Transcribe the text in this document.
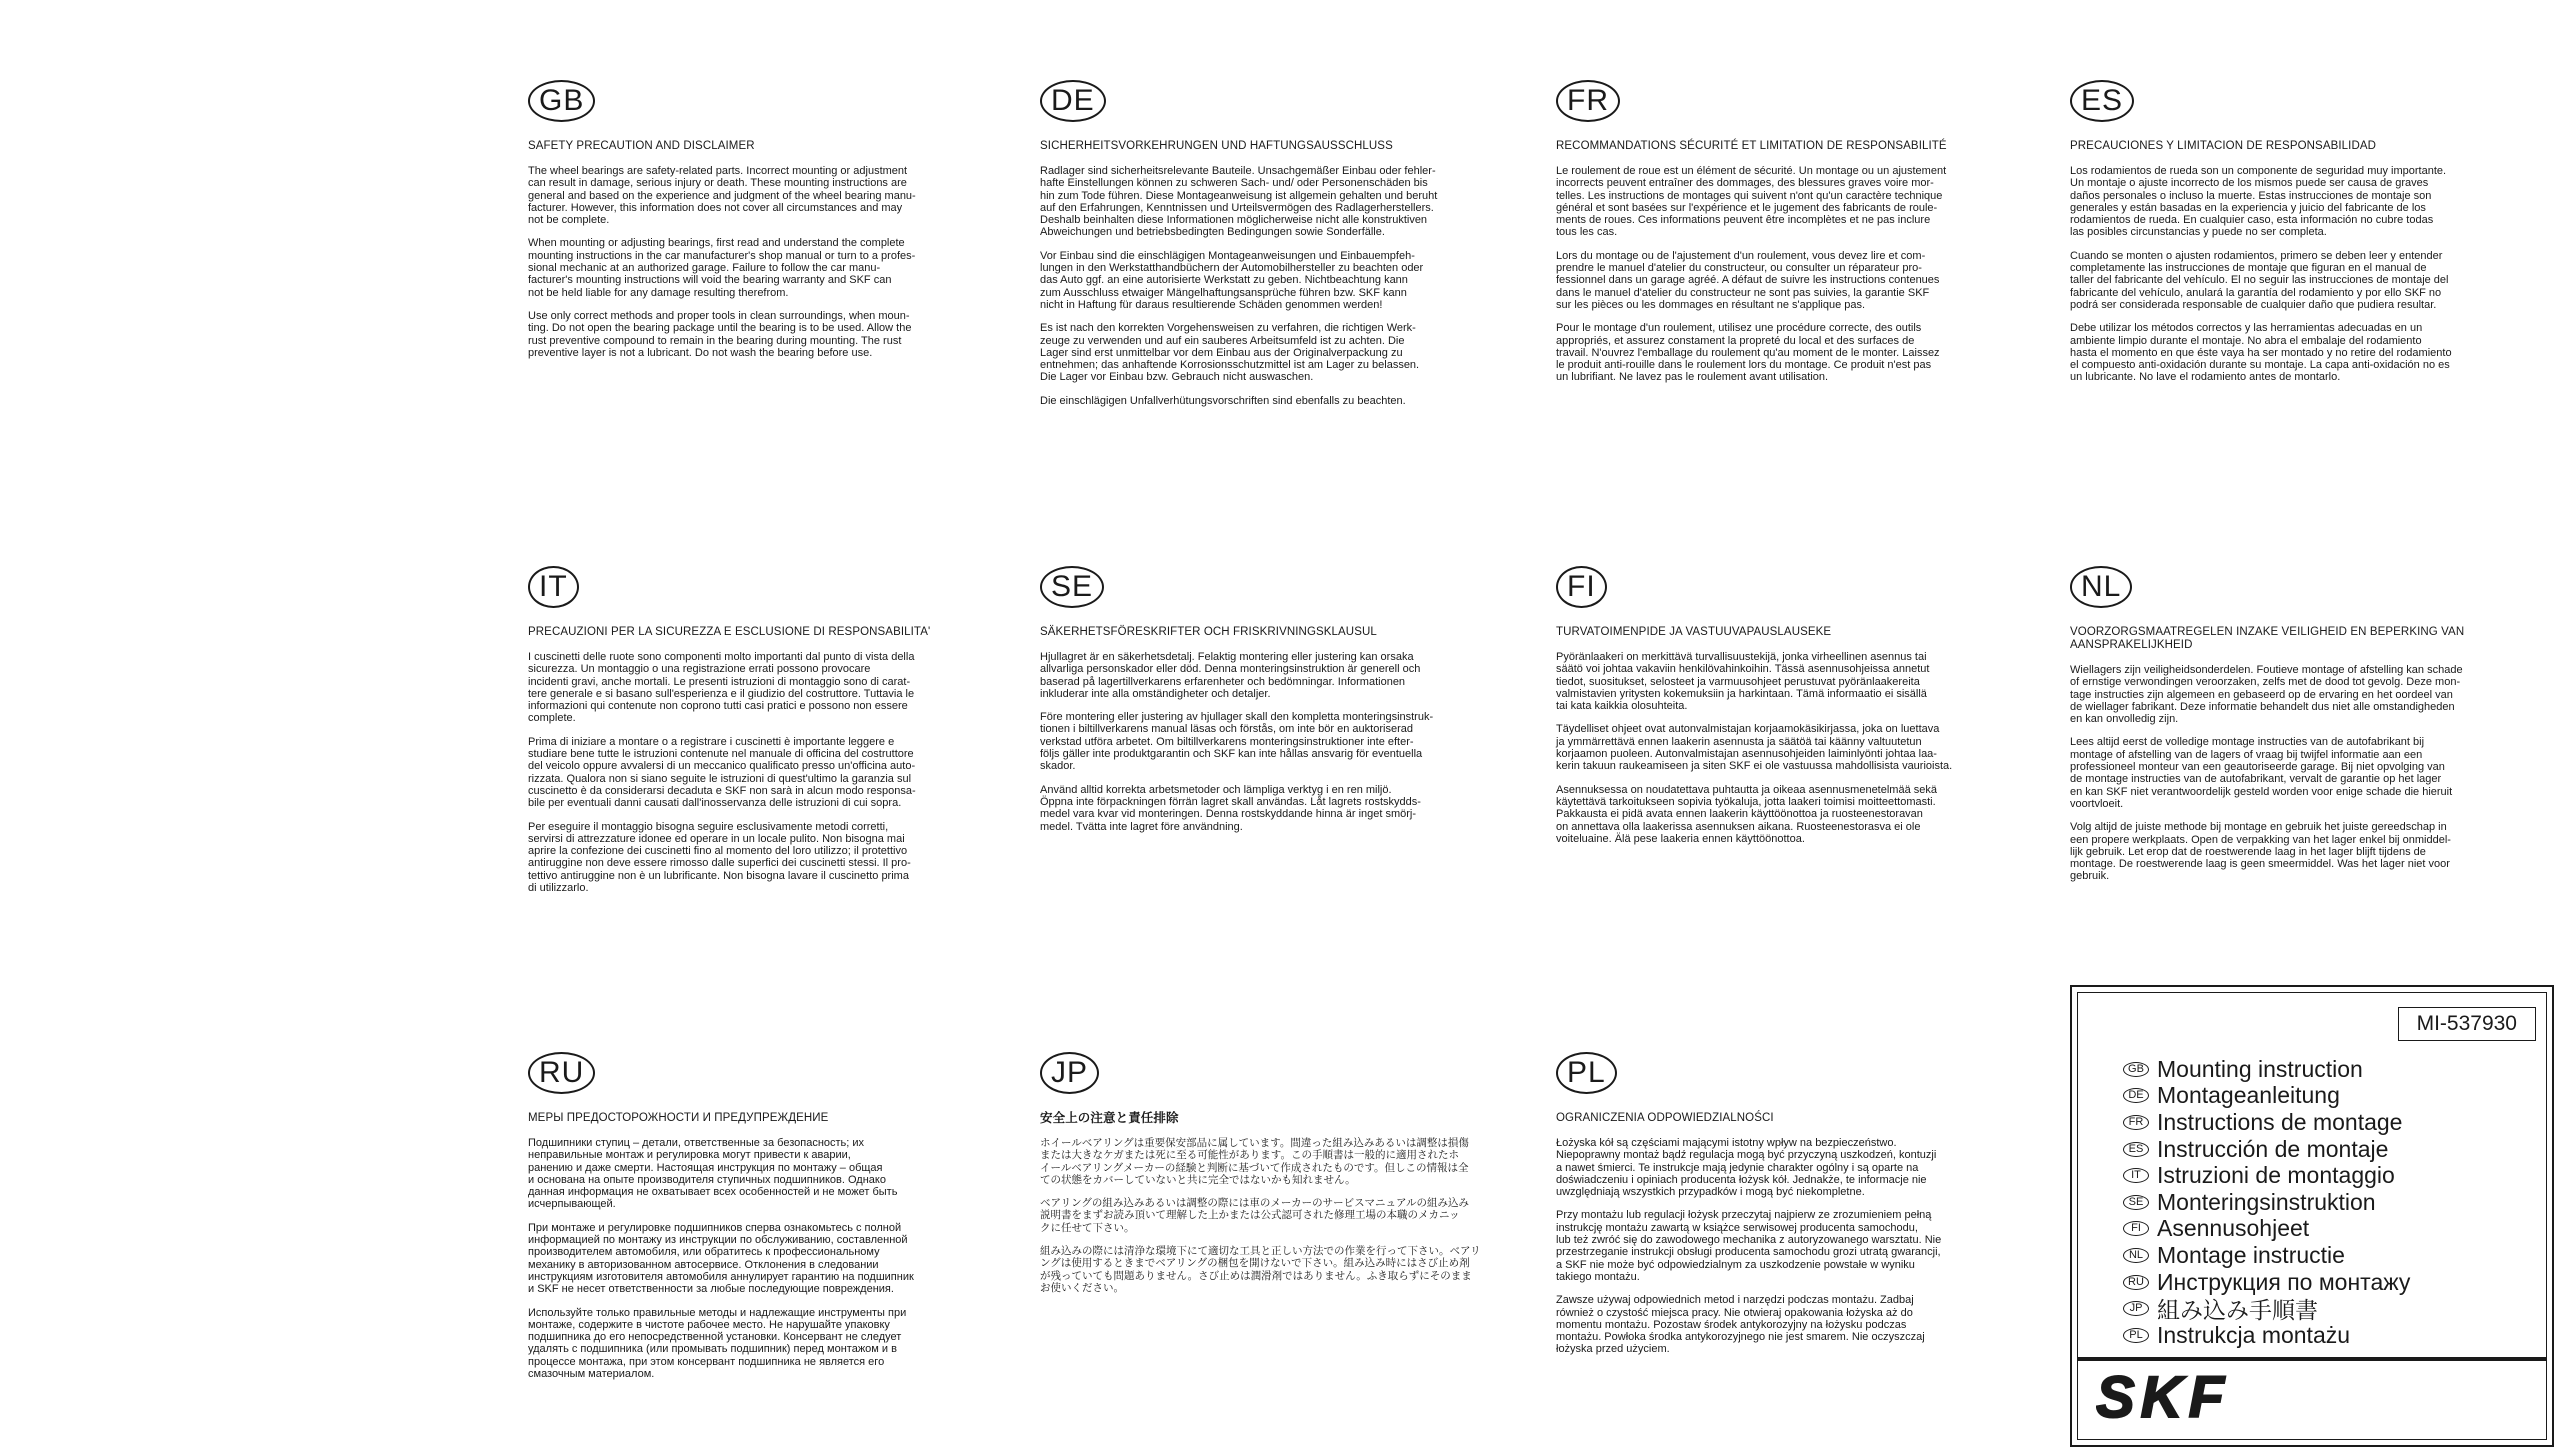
GB
SAFETY PRECAUTION AND DISCLAIMER
The wheel bearings are safety-related parts. Incorrect mounting or adjustment
can result in damage, serious injury or death. These mounting instructions are
general and based on the experience and judgment of the wheel bearing manu-
facturer. However, this information does not cover all circumstances and may
not be complete.
When mounting or adjusting bearings, first read and understand the complete
mounting instructions in the car manufacturer's shop manual or turn to a profes-
sional mechanic at an authorized garage. Failure to follow the car manu-
facturer's mounting instructions will void the bearing warranty and SKF can
not be held liable for any damage resulting therefrom.
Use only correct methods and proper tools in clean surroundings, when moun-
ting. Do not open the bearing package until the bearing is to be used. Allow the
rust preventive compound to remain in the bearing during mounting. The rust
preventive layer is not a lubricant. Do not wash the bearing before use.
DE
SICHERHEITSVORKEHRUNGEN UND HAFTUNGSAUSSCHLUSS
Radlager sind sicherheitsrelevante Bauteile. Unsachgemäßer Einbau oder fehler-
hafte Einstellungen können zu schweren Sach- und/ oder Personenschäden bis
hin zum Tode führen. Diese Montageanweisung ist allgemein gehalten und beruht
auf den Erfahrungen, Kenntnissen und Urteilsvermögen des Radlagerherstellers.
Deshalb beinhalten diese Informationen möglicherweise nicht alle konstruktiven
Abweichungen und betriebsbedingten Bedingungen sowie Sonderfälle.
Vor Einbau sind die einschlägigen Montageanweisungen und Einbauempfeh-
lungen in den Werkstatthandbüchern der Automobilhersteller zu beachten oder
das Auto ggf. an eine autorisierte Werkstatt zu geben. Nichtbeachtung kann
zum Ausschluss etwaiger Mängelhaftungsansprüche führen bzw. SKF kann
nicht in Haftung für daraus resultierende Schäden genommen werden!
Es ist nach den korrekten Vorgehensweisen zu verfahren, die richtigen Werk-
zeuge zu verwenden und auf ein sauberes Arbeitsumfeld ist zu achten. Die
Lager sind erst unmittelbar vor dem Einbau aus der Originalverpackung zu
entnehmen; das anhaftende Korrosionsschutzmittel ist am Lager zu belassen.
Die Lager vor Einbau bzw. Gebrauch nicht auswaschen.
Die einschlägigen Unfallverhütungsvorschriften sind ebenfalls zu beachten.
FR
RECOMMANDATIONS SÉCURITÉ ET LIMITATION DE RESPONSABILITÉ
Le roulement de roue est un élément de sécurité. Un montage ou un ajustement
incorrects peuvent entraîner des dommages, des blessures graves voire mor-
telles. Les instructions de montages qui suivent n'ont qu'un caractère technique
général et sont basées sur l'expérience et le jugement des fabricants de roule-
ments de roues. Ces informations peuvent être incomplètes et ne pas inclure
tous les cas.
Lors du montage ou de l'ajustement d'un roulement, vous devez lire et com-
prendre le manuel d'atelier du constructeur, ou consulter un réparateur pro-
fessionnel dans un garage agréé. A défaut de suivre les instructions contenues
dans le manuel d'atelier du constructeur ne sont pas suivies, la garantie SKF
sur les pièces ou les dommages en résultant ne s'applique pas.
Pour le montage d'un roulement, utilisez une procédure correcte, des outils
appropriés, et assurez constament la propreté du local et des surfaces de
travail. N'ouvrez l'emballage du roulement qu'au moment de le monter. Laissez
le produit anti-rouille dans le roulement lors du montage. Ce produit n'est pas
un lubrifiant. Ne lavez pas le roulement avant utilisation.
ES
PRECAUCIONES Y LIMITACION DE RESPONSABILIDAD
Los rodamientos de rueda son un componente de seguridad muy importante.
Un montaje o ajuste incorrecto de los mismos puede ser causa de graves
daños personales o incluso la muerte. Estas instrucciones de montaje son
generales y están basadas en la experiencia y juicio del fabricante de los
rodamientos de rueda. En cualquier caso, esta información no cubre todas
las posibles circunstancias y puede no ser completa.
Cuando se monten o ajusten rodamientos, primero se deben leer y entender
completamente las instrucciones de montaje que figuran en el manual de
taller del fabricante del vehículo. El no seguir las instrucciones de montaje del
fabricante del vehículo, anulará la garantía del rodamiento y por ello SKF no
podrá ser considerada responsable de cualquier daño que pudiera resultar.
Debe utilizar los métodos correctos y las herramientas adecuadas en un
ambiente limpio durante el montaje. No abra el embalaje del rodamiento
hasta el momento en que éste vaya ha ser montado y no retire del rodamiento
el compuesto anti-oxidación durante su montaje. La capa anti-oxidación no es
un lubricante. No lave el rodamiento antes de montarlo.
IT
PRECAUZIONI PER LA SICUREZZA E ESCLUSIONE DI RESPONSABILITA'
I cuscinetti delle ruote sono componenti molto importanti dal punto di vista della
sicurezza. Un montaggio o una registrazione errati possono provocare
incidenti gravi, anche mortali. Le presenti istruzioni di montaggio sono di carat-
tere generale e si basano sull'esperienza e il giudizio del costruttore. Tuttavia le
informazioni qui contenute non coprono tutti casi pratici e possono non essere
complete.
Prima di iniziare a montare o a registrare i cuscinetti è importante leggere e
studiare bene tutte le istruzioni contenute nel manuale di officina del costruttore
del veicolo oppure avvalersi di un meccanico qualificato presso un'officina auto-
rizzata. Qualora non si siano seguite le istruzioni di quest'ultimo la garanzia sul
cuscinetto è da considerarsi decaduta e SKF non sarà in alcun modo responsa-
bile per eventuali danni causati dall'inosservanza delle istruzioni di cui sopra.
Per eseguire il montaggio bisogna seguire esclusivamente metodi corretti,
servirsi di attrezzature idonee ed operare in un locale pulito. Non bisogna mai
aprire la confezione dei cuscinetti fino al momento del loro utilizzo; il protettivo
antiruggine non deve essere rimosso dalle superfici dei cuscinetti stessi. Il pro-
tettivo antiruggine non è un lubrificante. Non bisogna lavare il cuscinetto prima
di utilizzarlo.
SE
SÄKERHETSFÖRESKRIFTER OCH FRISKRIVNINGSKLAUSUL
Hjullagret är en säkerhetsdetalj. Felaktig montering eller justering kan orsaka
allvarliga personskador eller död. Denna monteringsinstruktion är generell och
baserad på lagertillverkarens erfarenheter och bedömningar. Informationen
inkluderar inte alla omständigheter och detaljer.
Före montering eller justering av hjullager skall den kompletta monteringsinstruk-
tionen i biltillverkarens manual läsas och förstås, om inte bör en auktoriserad
verkstad utföra arbetet. Om biltillverkarens monteringsinstruktioner inte efter-
följs gäller inte produktgarantin och SKF kan inte hållas ansvarig för eventuella
skador.
Använd alltid korrekta arbetsmetoder och lämpliga verktyg i en ren miljö.
Öppna inte förpackningen förrän lagret skall användas. Låt lagrets rostskydds-
medel vara kvar vid monteringen. Denna rostskyddande hinna är inget smörj-
medel. Tvätta inte lagret före användning.
FI
TURVATOIMENPIDE JA VASTUUVAPAUSLAUSEKE
Pyöränlaakeri on merkittävä turvallisuustekijä, jonka virheellinen asennus tai
säätö voi johtaa vakaviin henkilövahinkoihin. Tässä asennusohjeissa annetut
tiedot, suositukset, selosteet ja varmuusohjeet perustuvat pyöränlaakereita
valmistavien yritysten kokemuksiin ja harkintaan. Tämä informaatio ei sisällä
tai kata kaikkia olosuhteita.
Täydelliset ohjeet ovat autonvalmistajan korjaamokäsikirjassa, joka on luettava
ja ymmärrettävä ennen laakerin asennusta ja säätöä tai käänny valtuutetun
korjaamon puoleen. Autonvalmistajan asennusohjeiden laiminlyönti johtaa laa-
kerin takuun raukeamiseen ja siten SKF ei ole vastuussa mahdollisista vaurioista.
Asennuksessa on noudatettava puhtautta ja oikeaa asennusmenetelmää sekä
käytettävä tarkoitukseen sopivia työkaluja, jotta laakeri toimisi moitteettomasti.
Pakkausta ei pidä avata ennen laakerin käyttöönottoa ja ruosteenestoravan
on annettava olla laakerissa asennuksen aikana. Ruosteenestorasva ei ole
voiteluaine. Älä pese laakeria ennen käyttöönottoa.
NL
VOORZORGSMAATREGELEN INZAKE VEILIGHEID EN BEPERKING VAN
AANSPRAKELIJKHEID
Wiellagers zijn veiligheidsonderdelen. Foutieve montage of afstelling kan schade
of ernstige verwondingen veroorzaken, zelfs met de dood tot gevolg. Deze mon-
tage instructies zijn algemeen en gebaseerd op de ervaring en het oordeel van
de wiellager fabrikant. Deze informatie behandelt dus niet alle omstandigheden
en kan onvolledig zijn.
Lees altijd eerst de volledige montage instructies van de autofabrikant bij
montage of afstelling van de lagers of vraag bij twijfel informatie aan een
professioneel monteur van een geautoriseerde garage. Bij niet opvolging van
de montage instructies van de autofabrikant, vervalt de garantie op het lager
en kan SKF niet verantwoordelijk gesteld worden voor enige schade die hieruit
voortvloeit.
Volg altijd de juiste methode bij montage en gebruik het juiste gereedschap in
een propere werkplaats. Open de verpakking van het lager enkel bij onmiddel-
lijk gebruik. Let erop dat de roestwerende laag in het lager blijft tijdens de
montage. De roestwerende laag is geen smeermiddel. Was het lager niet voor
gebruik.
RU
МЕРЫ ПРЕДОСТОРОЖНОСТИ И ПРЕДУПРЕЖДЕНИЕ
Подшипники ступиц – детали, ответственные за безопасность; их
неправильные монтаж и регулировка могут привести к аварии,
ранению и даже смерти. Настоящая инструкция по монтажу – общая
и основана на опыте производителя ступичных подшипников. Однако
данная информация не охватывает всех особенностей и не может быть
исчерпывающей.
При монтаже и регулировке подшипников сперва ознакомьтесь с полной
информацией по монтажу из инструкции по обслуживанию, составленной
производителем автомобиля, или обратитесь к профессиональному
механику в авторизованном автосервисе. Отклонения в следовании
инструкциям изготовителя автомобиля аннулирует гарантию на подшипник
и SKF не несет ответственности за любые последующие повреждения.
Используйте только правильные методы и надлежащие инструменты при
монтаже, содержите в чистоте рабочее место. Не нарушайте упаковку
подшипника до его непосредственной установки. Консервант не следует
удалять с подшипника (или промывать подшипник) перед монтажом и в
процессе монтажа, при этом консервант подшипника не является его
смазочным материалом.
JP
安全上の注意と責任排除
ホイールベアリングは重要保安部品に属しています。間違った組み込みあるいは調整は損傷
または大きなケガまたは死に至る可能性があります。この手順書は一般的に適用されたホ
イールベアリングメーカーの経験と判断に基づいて作成されたものです。但しこの情報は全
ての状態をカバーしていないと共に完全ではないかも知れません。
ベアリングの組み込みあるいは調整の際には車のメーカーのサービスマニュアルの組み込み
説明書をまずお読み頂いて理解した上かまたは公式認可された修理工場の本職のメカニッ
クに任せて下さい。
組み込みの際には清浄な環境下にて適切な工具と正しい方法での作業を行って下さい。ベアリ
ングは使用するときまでベアリングの梱包を開けないで下さい。組み込み時にはさび止め剤
が残っていても問題ありません。さび止めは潤滑剤ではありません。ふき取らずにそのまま
お使いください。
PL
OGRANICZENIA ODPOWIEDZIALNOŚCI
Łożyska kół są częściami mającymi istotny wpływ na bezpieczeństwo.
Niepoprawny montaż bądź regulacja mogą być przyczyną uszkodzeń, kontuzji
a nawet śmierci. Te instrukcje mają jedynie charakter ogólny i są oparte na
doświadczeniu i opiniach producenta łożysk kół. Jednakże, te informacje nie
uwzględniają wszystkich przypadków i mogą być niekompletne.
Przy montażu lub regulacji łożysk przeczytaj najpierw ze zrozumieniem pełną
instrukcję montażu zawartą w książce serwisowej producenta samochodu,
lub też zwróć się do zawodowego mechanika z autoryzowanego warsztatu. Nie
przestrzeganie instrukcji obsługi producenta samochodu grozi utratą gwarancji,
a SKF nie może być odpowiedzialnym za uszkodzenie powstałe w wyniku
takiego montażu.
Zawsze używaj odpowiednich metod i narzędzi podczas montażu. Zadbaj
również o czystość miejsca pracy. Nie otwieraj opakowania łożyska aż do
momentu montażu. Pozostaw środek antykorozyjny na łożysku podczas
montażu. Powłoka środka antykorozyjnego nie jest smarem. Nie oczyszczaj
łożyska przed użyciem.
MI-537930
GB Mounting instruction
DE Montageanleitung
FR Instructions de montage
ES Instrucción de montaje
IT Istruzioni de montaggio
SE Monteringsinstruktion
FI Asennusohjeet
NL Montage instructie
RU Инструкция по монтажу
JP 組み込み手順書
PL Instrukcja montażu
SKF
